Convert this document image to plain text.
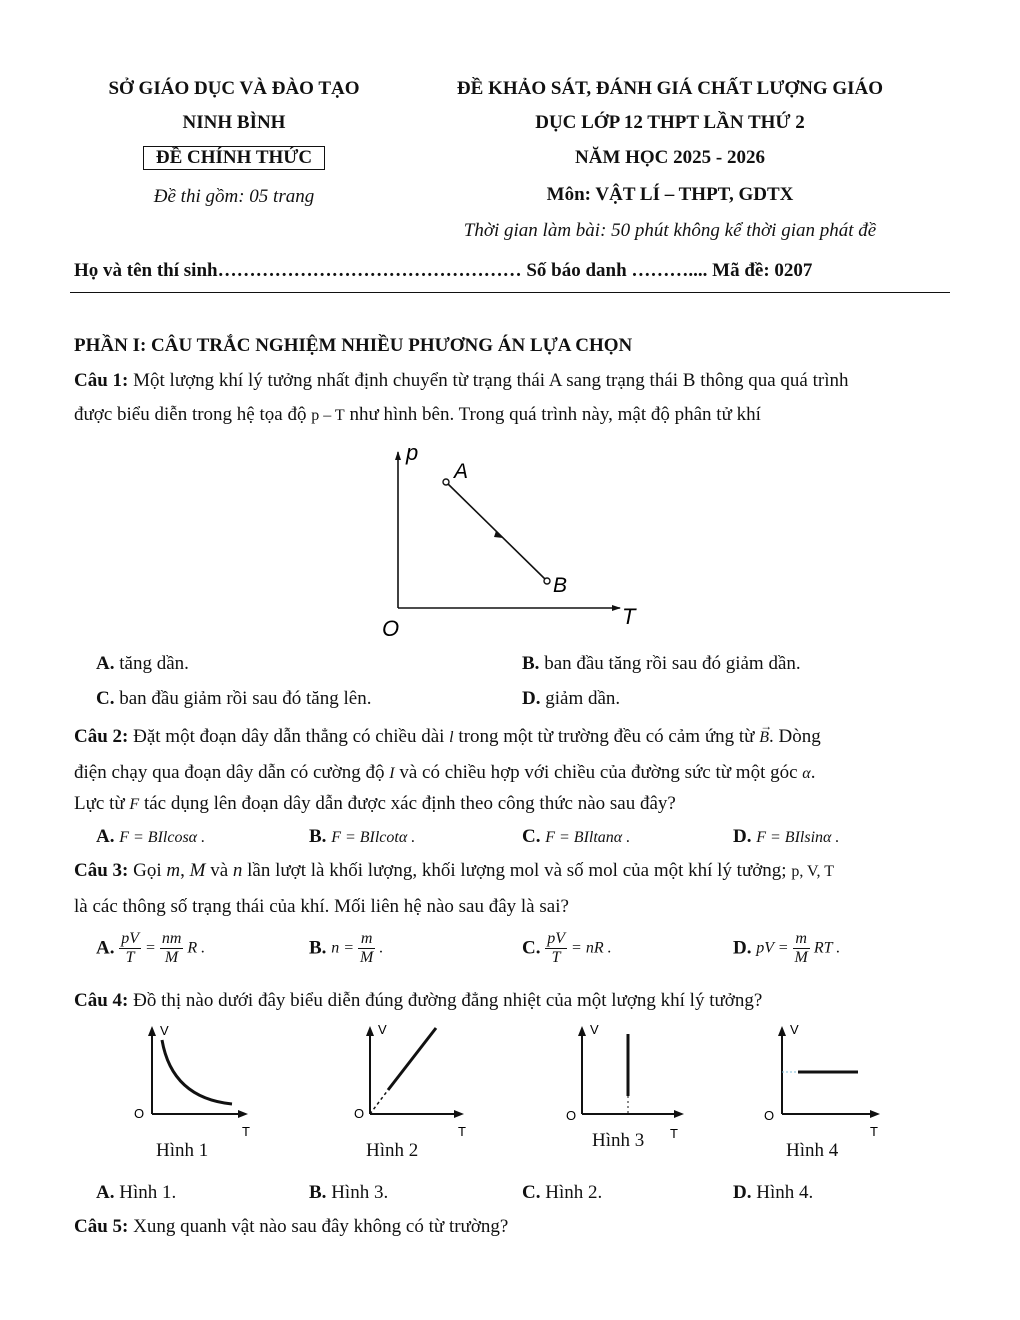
SỞ GIÁO DỤC VÀ ĐÀO TẠO
NINH BÌNH
ĐỀ CHÍNH THỨC
Đề thi gồm: 05 trang
ĐỀ KHẢO SÁT, ĐÁNH GIÁ CHẤT LƯỢNG GIÁO
DỤC LỚP 12 THPT LẦN THỨ 2
NĂM HỌC 2025 - 2026
Môn: VẬT LÍ – THPT, GDTX
Thời gian làm bài: 50 phút không kể thời gian phát đề
Họ và tên thí sinh………………………………………… Số báo danh ……….... Mã đề: 0207
PHẦN I: CÂU TRẮC NGHIỆM NHIỀU PHƯƠNG ÁN LỰA CHỌN
Câu 1: Một lượng khí lý tưởng nhất định chuyển từ trạng thái A sang trạng thái B thông qua quá trình
được biểu diễn trong hệ tọa độ p – T như hình bên. Trong quá trình này, mật độ phân tử khí
p
A
B
O	T
A. tăng dần.	B. ban đầu tăng rồi sau đó giảm dần.
C. ban đầu giảm rồi sau đó tăng lên.	D. giảm dần.
Câu 2: Đặt một đoạn dây dẫn thẳng có chiều dài l trong một từ trường đều có cảm ứng từ →
B. Dòng
điện chạy qua đoạn dây dẫn có cường độ I và có chiều hợp với chiều của đường sức từ một góc α.
Lực từ F tác dụng lên đoạn dây dẫn được xác định theo công thức nào sau đây?
A. F = BIlcosα .	B. F = BIlcotα .	C. F = BIltanα .	D. F = BIlsinα .
Câu 3: Gọi m, M và n lần lượt là khối lượng, khối lượng mol và số mol của một khí lý tưởng; p, V, T
là các thông số trạng thái của khí. Mối liên hệ nào sau đây là sai?
A. $\frac{pV}{T} = \frac{nm}{M}$ R .	B. $n = \frac{m}{M}$ .	C. $\frac{pV}{T}$ = nR .	D. pV = $\frac{m}{M}$ RT .
Câu 4: Đồ thị nào dưới đây biểu diễn đúng đường đẳng nhiệt của một lượng khí lý tưởng?
V
O
T
Hình 1
V
O
T
Hình 2
V
O
T
Hình 3
V
O
T
Hình 4
A. Hình 1.	B. Hình 3.	C. Hình 2.	D. Hình 4.
Câu 5: Xung quanh vật nào sau đây không có từ trường?
